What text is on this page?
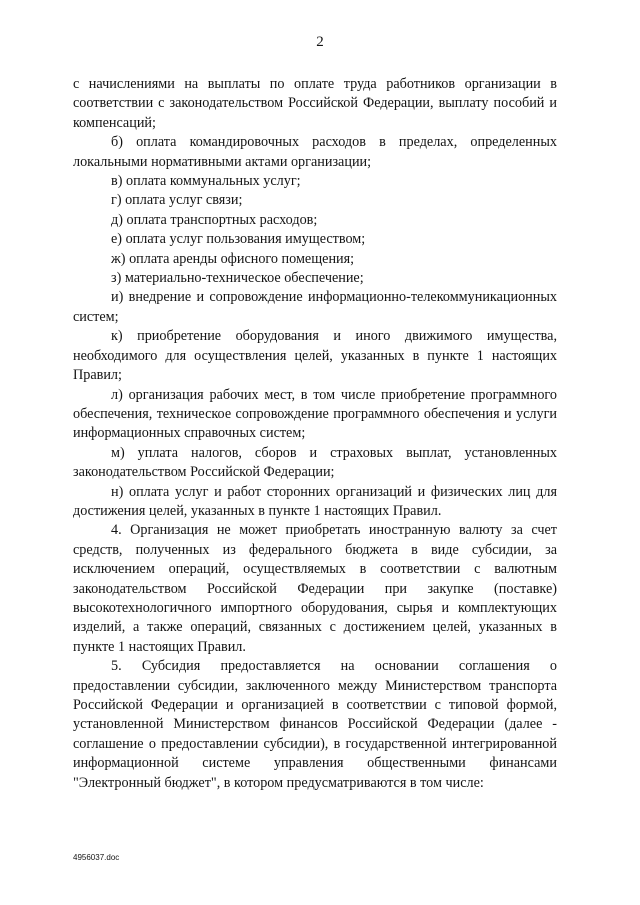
2

с начислениями на выплаты по оплате труда работников организации в соответствии с законодательством Российской Федерации, выплату пособий и компенсаций;

б) оплата командировочных расходов в пределах, определенных локальными нормативными актами организации;

в) оплата коммунальных услуг;

г) оплата услуг связи;

д) оплата транспортных расходов;

е) оплата услуг пользования имуществом;

ж) оплата аренды офисного помещения;

з) материально-техническое обеспечение;

и) внедрение и сопровождение информационно-телекоммуникационных систем;

к) приобретение оборудования и иного движимого имущества, необходимого для осуществления целей, указанных в пункте 1 настоящих Правил;

л) организация рабочих мест, в том числе приобретение программного обеспечения, техническое сопровождение программного обеспечения и услуги информационных справочных систем;

м) уплата налогов, сборов и страховых выплат, установленных законодательством Российской Федерации;

н) оплата услуг и работ сторонних организаций и физических лиц для достижения целей, указанных в пункте 1 настоящих Правил.

4. Организация не может приобретать иностранную валюту за счет средств, полученных из федерального бюджета в виде субсидии, за исключением операций, осуществляемых в соответствии с валютным законодательством Российской Федерации при закупке (поставке) высокотехнологичного импортного оборудования, сырья и комплектующих изделий, а также операций, связанных с достижением целей, указанных в пункте 1 настоящих Правил.

5. Субсидия предоставляется на основании соглашения о предоставлении субсидии, заключенного между Министерством транспорта Российской Федерации и организацией в соответствии с типовой формой, установленной Министерством финансов Российской Федерации (далее - соглашение о предоставлении субсидии), в государственной интегрированной информационной системе управления общественными финансами "Электронный бюджет", в котором предусматриваются в том числе:

4956037.doc
